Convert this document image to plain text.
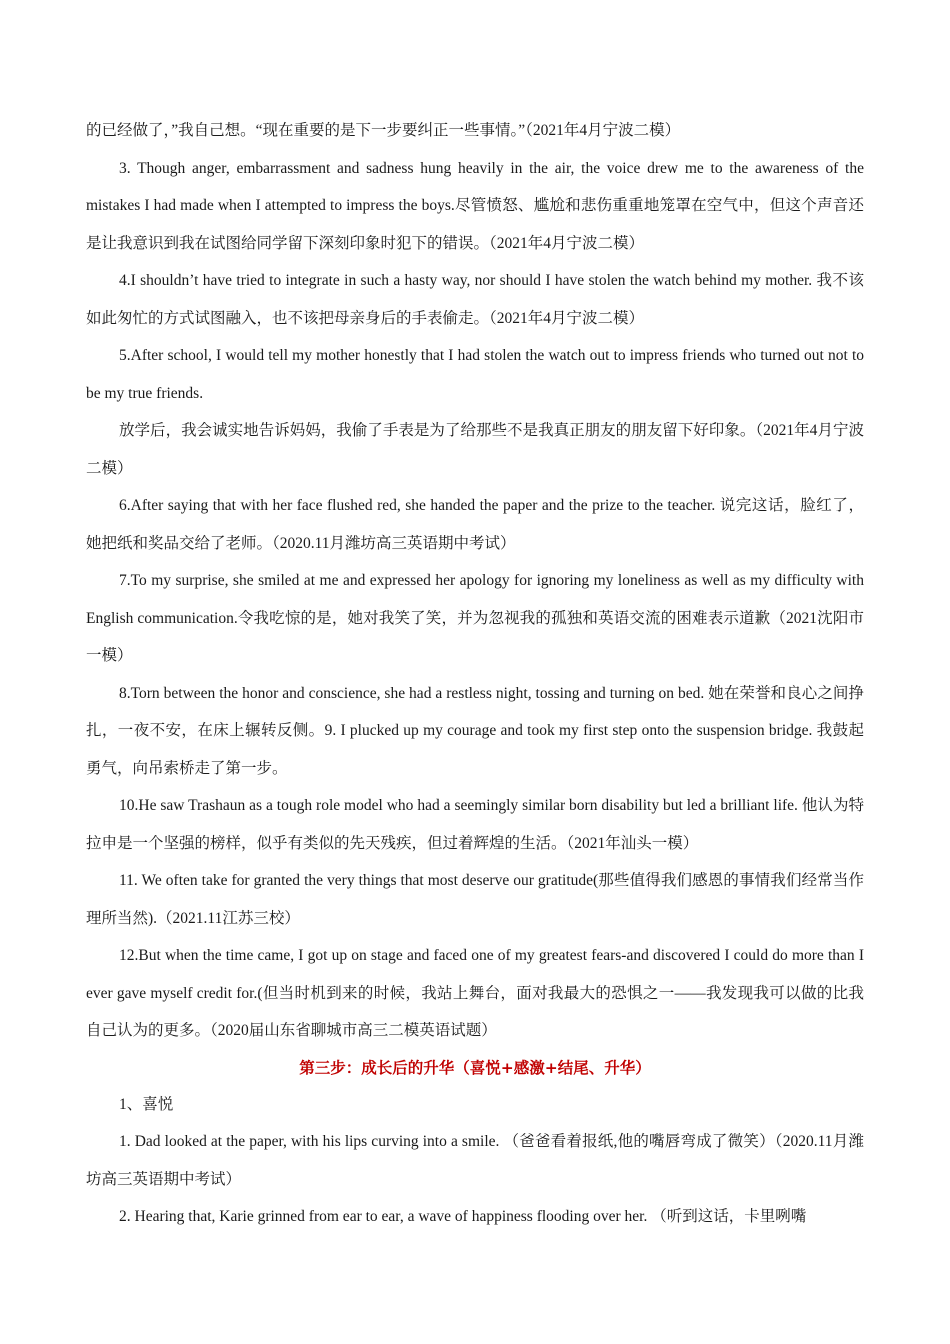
的已经做了，”我自己想。“现在重要的是下一步要纠正一些事情。”（2021年4月宁波二模）

3. Though anger, embarrassment and sadness hung heavily in the air, the voice drew me to the awareness of the mistakes I had made when I attempted to impress the boys.尽管愤怒、尴尬和悲伤重重地笼罩在空气中，但这个声音还是让我意识到我在试图给同学留下深刻印象时犯下的错误。（2021年4月宁波二模）

4.I shouldn’t have tried to integrate in such a hasty way, nor should I have stolen the watch behind my mother. 我不该如此匆忙的方式试图融入，也不该把母亲身后的手表偷走。（2021年4月宁波二模）

5.After school, I would tell my mother honestly that I had stolen the watch out to impress friends who turned out not to be my true friends.

放学后，我会诚实地告诉妈妈，我偷了手表是为了给那些不是我真正朋友的朋友留下好印象。（2021年4月宁波二模）

6.After saying that with her face flushed red, she handed the paper and the prize to the teacher. 说完这话，脸红了，她把纸和奖品交给了老师。（2020.11月潍坊高三英语期中考试）

7.To my surprise, she smiled at me and expressed her apology for ignoring my loneliness as well as my difficulty with English communication.令我吃惊的是，她对我笑了笑，并为忽视我的孤独和英语交流的困难表示道歉（2021沈阳市一模）

8.Torn between the honor and conscience, she had a restless night, tossing and turning on bed. 她在荣誉和良心之间挣扎，一夜不安，在床上辗转反侧。9. I plucked up my courage and took my first step onto the suspension bridge. 我鼓起勇气，向吊索桥走了第一步。

10.He saw Trashaun as a tough role model who had a seemingly similar born disability but led a brilliant life. 他认为特拉申是一个坚强的榜样，似乎有类似的先天残疾，但过着辉煌的生活。（2021年汕头一模）

11. We often take for granted the very things that most deserve our gratitude(那些值得我们感恩的事情我们经常当作理所当然).（2021.11江苏三校）

12.But when the time came, I got up on stage and faced one of my greatest fears-and discovered I could do more than I ever gave myself credit for.(但当时机到来的时候，我站上舞台，面对我最大的恐惧之一——我发现我可以做的比我自己认为的更多。（2020届山东省聊城市高三二模英语试题）

第三步：成长后的升华（喜悦+感激+结尾、升华）

1、喜悦

1. Dad looked at the paper, with his lips curving into a smile. （爸爸看着报纸,他的嘴唇弯成了微笑）（2020.11月潍坊高三英语期中考试）

2. Hearing that, Karie grinned from ear to ear, a wave of happiness flooding over her. （听到这话，卡里咧嘴
